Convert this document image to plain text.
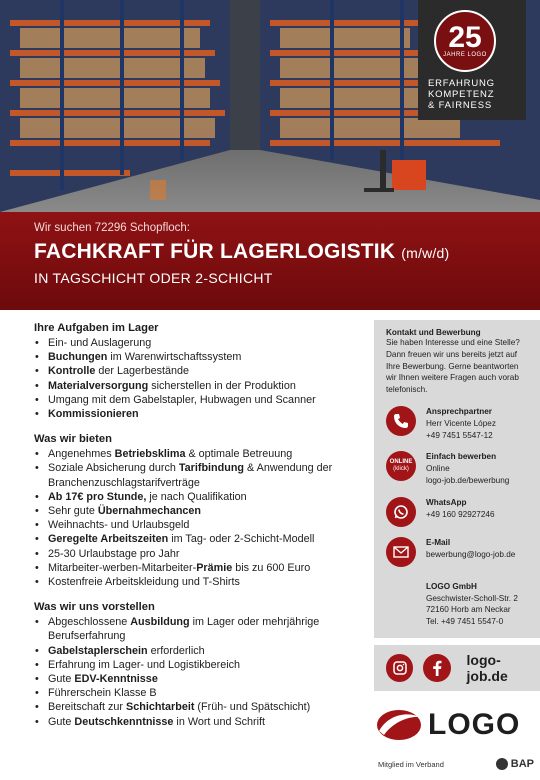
25
JAHRE LOGO
ERFAHRUNG
KOMPETENZ
& FAIRNESS
Wir suchen 72296 Schopfloch:
FACHKRAFT FÜR LAGERLOGISTIK (m/w/d)
IN TAGSCHICHT ODER 2-SCHICHT
Ihre Aufgaben im Lager
• Ein- und Auslagerung
• Buchungen im Warenwirtschaftssystem
• Kontrolle der Lagerbestände
• Materialversorgung sicherstellen in der Produktion
• Umgang mit dem Gabelstapler, Hubwagen und Scanner
• Kommissionieren
Was wir bieten
• Angenehmes Betriebsklima & optimale Betreuung
• Soziale Absicherung durch Tarifbindung & Anwendung der Branchenzuschlagstarifverträge
• Ab 17€ pro Stunde, je nach Qualifikation
• Sehr gute Übernahmechancen
• Weihnachts- und Urlaubsgeld
• Geregelte Arbeitszeiten im Tag- oder 2-Schicht-Modell
• 25-30 Urlaubstage pro Jahr
• Mitarbeiter-werben-Mitarbeiter-Prämie bis zu 600 Euro
• Kostenfreie Arbeitskleidung und T-Shirts
Was wir uns vorstellen
• Abgeschlossene Ausbildung im Lager oder mehrjährige Berufserfahrung
• Gabelstaplerschein erforderlich
• Erfahrung im Lager- und Logistikbereich
• Gute EDV-Kenntnisse
• Führerschein Klasse B
• Bereitschaft zur Schichtarbeit (Früh- und Spätschicht)
• Gute Deutschkenntnisse in Wort und Schrift
Kontakt und Bewerbung
Sie haben Interesse und eine Stelle? Dann freuen wir uns bereits jetzt auf Ihre Bewerbung. Gerne beantworten wir Ihnen weitere Fragen auch vorab telefonisch.
Ansprechpartner
Herr Vicente López
+49 7451 5547-12
ONLINE
(klick)
Einfach bewerben
Online
logo-job.de/bewerbung
WhatsApp
+49 160 92927246
E-Mail
bewerbung@logo-job.de
LOGO GmbH
Geschwister-Scholl-Str. 2
72160 Horb am Neckar
Tel. +49 7451 5547-0
logo-job.de
LOGO
Mitglied im Verband	BAP
